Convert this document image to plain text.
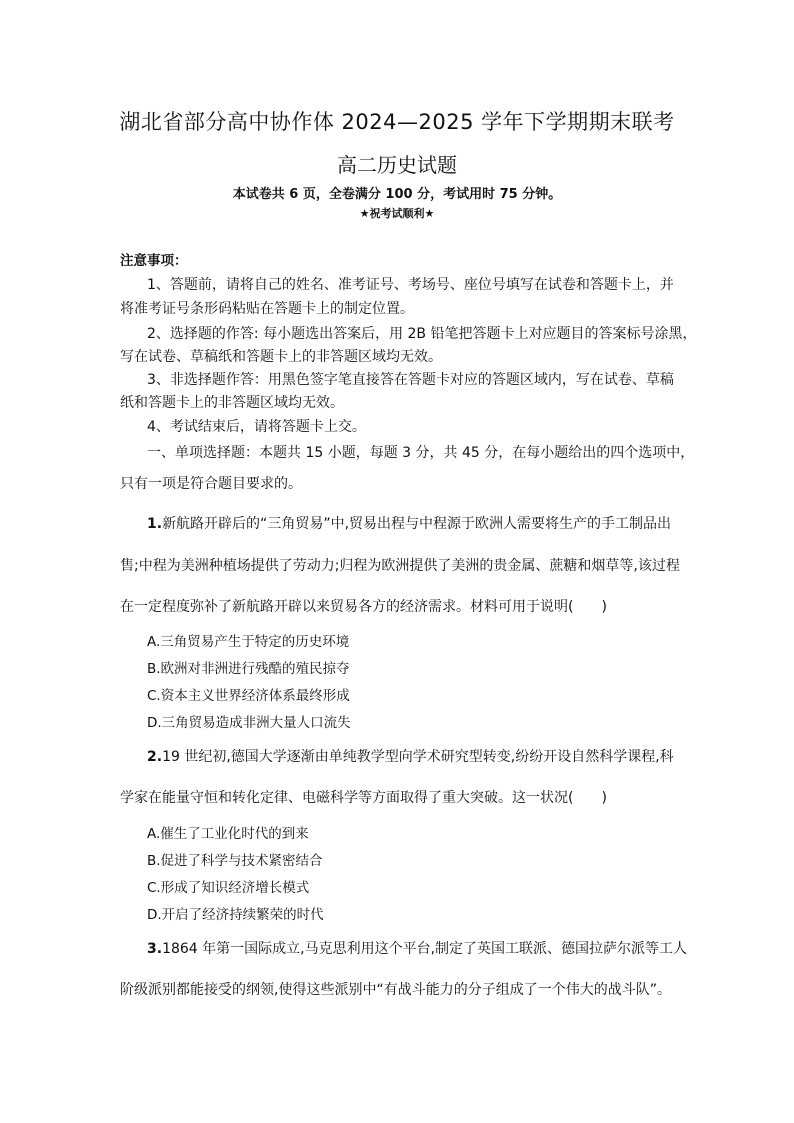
湖北省部分高中协作体 2024—2025 学年下学期期末联考
高二历史试题
本试卷共 6 页，全卷满分 100 分，考试用时 75 分钟。
★祝考试顺利★
注意事项：
1、答题前，请将自己的姓名、准考证号、考场号、座位号填写在试卷和答题卡上，并
将准考证号条形码粘贴在答题卡上的制定位置。
2、选择题的作答: 每小题选出答案后，用 2B 铅笔把答题卡上对应题目的答案标号涂黑，
写在试卷、草稿纸和答题卡上的非答题区域均无效。
3、非选择题作答：用黑色签字笔直接答在答题卡对应的答题区域内，写在试卷、草稿
纸和答题卡上的非答题区域均无效。
4、考试结束后，请将答题卡上交。
一、单项选择题：本题共 15 小题，每题 3 分，共 45 分，在每小题给出的四个选项中，
只有一项是符合题目要求的。
1.新航路开辟后的“三角贸易”中,贸易出程与中程源于欧洲人需要将生产的手工制品出
售;中程为美洲种植场提供了劳动力;归程为欧洲提供了美洲的贵金属、蔗糖和烟草等,该过程
在一定程度弥补了新航路开辟以来贸易各方的经济需求。材料可用于说明(　　)
A.三角贸易产生于特定的历史环境
B.欧洲对非洲进行残酷的殖民掠夺
C.资本主义世界经济体系最终形成
D.三角贸易造成非洲大量人口流失
2.19 世纪初,德国大学逐渐由单纯教学型向学术研究型转变,纷纷开设自然科学课程,科
学家在能量守恒和转化定律、电磁科学等方面取得了重大突破。这一状况(　　)
A.催生了工业化时代的到来
B.促进了科学与技术紧密结合
C.形成了知识经济增长模式
D.开启了经济持续繁荣的时代
3.1864 年第一国际成立,马克思利用这个平台,制定了英国工联派、德国拉萨尔派等工人
阶级派别都能接受的纲领,使得这些派别中“有战斗能力的分子组成了一个伟大的战斗队”。
